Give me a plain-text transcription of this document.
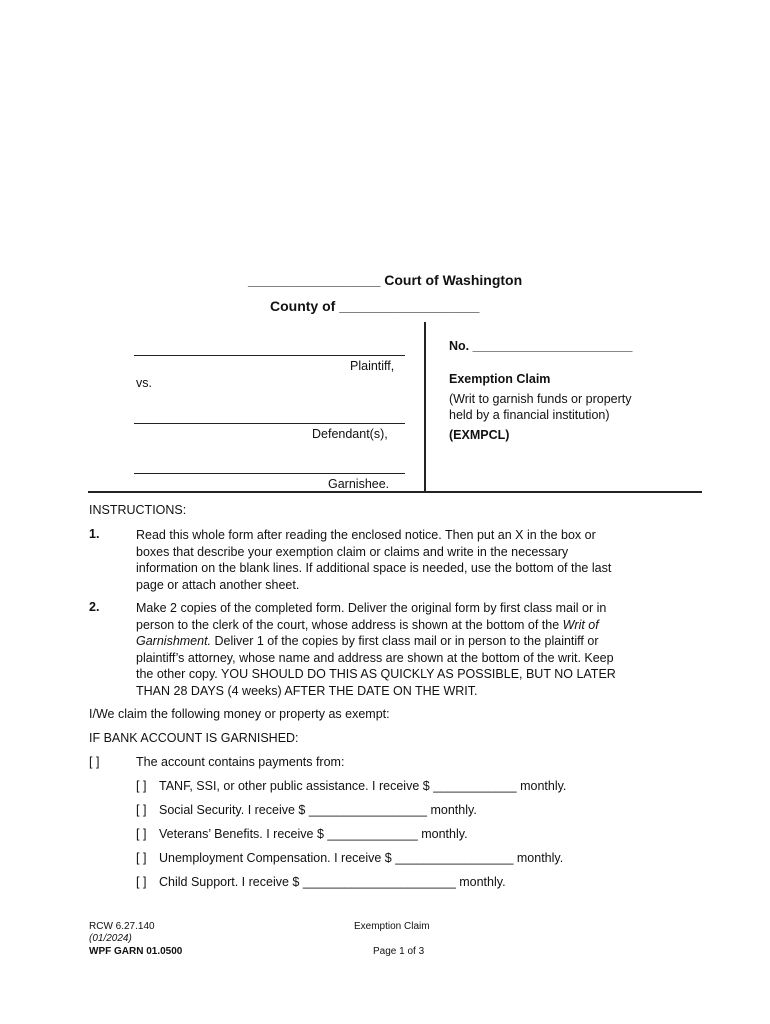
_________________ Court of Washington
County of __________________
Plaintiff,
vs.
Defendant(s),
Garnishee.
No. _______________________
Exemption Claim
(Writ to garnish funds or property
held by a financial institution)
(EXMPCL)
INSTRUCTIONS:
1.	Read this whole form after reading the enclosed notice. Then put an X in the box or
boxes that describe your exemption claim or claims and write in the necessary
information on the blank lines. If additional space is needed, use the bottom of the last
page or attach another sheet.
2.	Make 2 copies of the completed form. Deliver the original form by first class mail or in
person to the clerk of the court, whose address is shown at the bottom of the Writ of
Garnishment. Deliver 1 of the copies by first class mail or in person to the plaintiff or
plaintiff’s attorney, whose name and address are shown at the bottom of the writ. Keep
the other copy. YOU SHOULD DO THIS AS QUICKLY AS POSSIBLE, BUT NO LATER
THAN 28 DAYS (4 weeks) AFTER THE DATE ON THE WRIT.
I/We claim the following money or property as exempt:
IF BANK ACCOUNT IS GARNISHED:
[ ]	The account contains payments from:
[ ] TANF, SSI, or other public assistance. I receive $ ____________ monthly.
[ ] Social Security. I receive $ _________________ monthly.
[ ] Veterans’ Benefits. I receive $ _____________ monthly.
[ ] Unemployment Compensation. I receive $ _________________ monthly.
[ ] Child Support. I receive $ ______________________ monthly.
RCW 6.27.140
(01/2024)
WPF GARN 01.0500
Exemption Claim
Page 1 of 3
